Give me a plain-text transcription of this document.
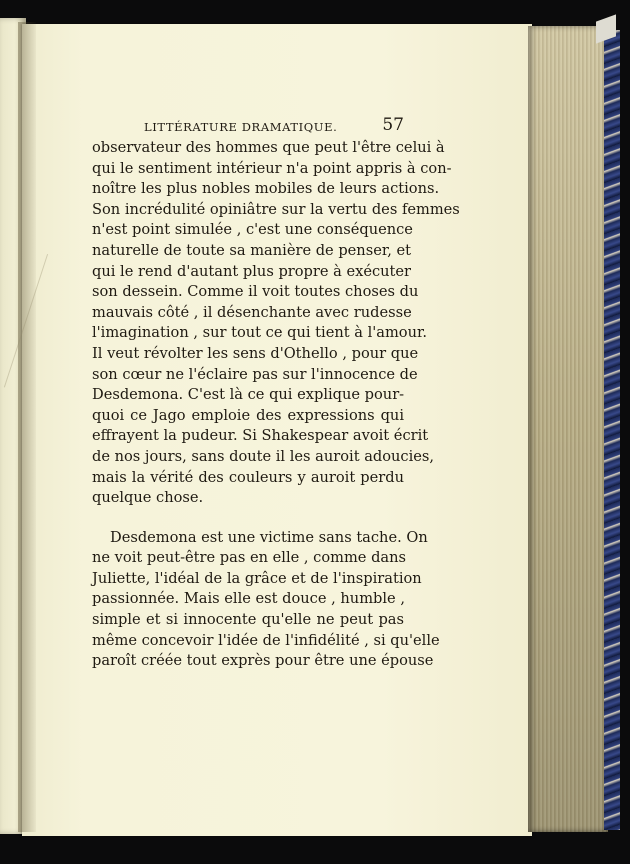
LITTÉRATURE DRAMATIQUE.	57
observateur des hommes que peut l'être celui à
qui le sentiment intérieur n'a point appris à con-
noître les plus nobles mobiles de leurs actions.
Son incrédulité opiniâtre sur la vertu des femmes
n'est point simulée , c'est une conséquence
naturelle de toute sa manière de penser, et
qui le rend d'autant plus propre à exécuter
son dessein. Comme il voit toutes choses du
mauvais côté , il désenchante avec rudesse
l'imagination , sur tout ce qui tient à l'amour.
Il veut révolter les sens d'Othello , pour que
son cœur ne l'éclaire pas sur l'innocence de
Desdemona. C'est là ce qui explique pour-
quoi ce Jago emploie des expressions qui
effrayent la pudeur. Si Shakespear avoit écrit
de nos jours, sans doute il les auroit adoucies,
mais la vérité des couleurs y auroit perdu
quelque chose.
Desdemona est une victime sans tache. On
ne voit peut-être pas en elle , comme dans
Juliette, l'idéal de la grâce et de l'inspiration
passionnée. Mais elle est douce , humble ,
simple et si innocente qu'elle ne peut pas
même concevoir l'idée de l'infidélité , si qu'elle
paroît créée tout exprès pour être une épouse
